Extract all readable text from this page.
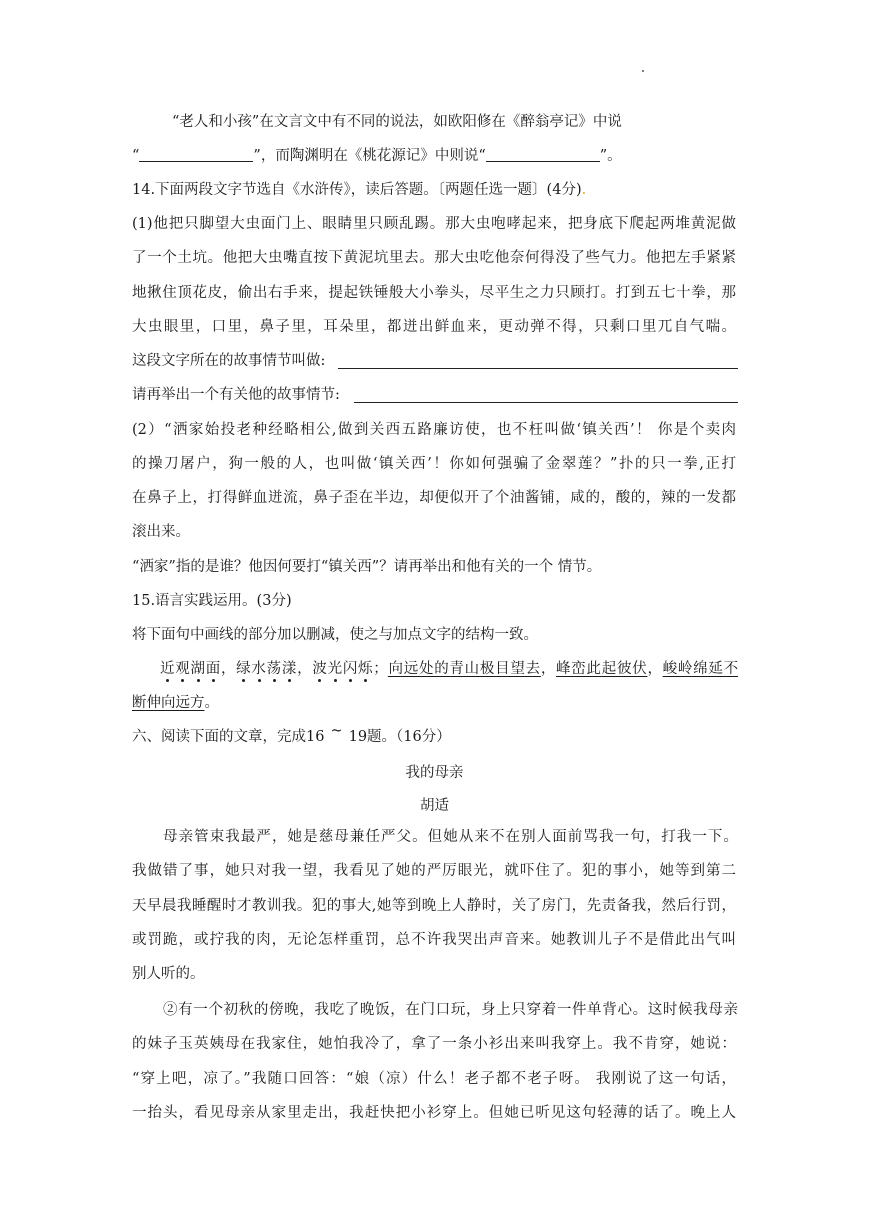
“老人和小孩”在文言文中有不同的说法，如欧阳修在《醉翁亭记》中说
“	”，而陶渊明在《桃花源记》中则说“	”。
14.下面两段文字节选自《水浒传》，读后答题。〔两题任选一题〕(4分).
(1)他把只脚望大虫面门上、眼睛里只顾乱踢。那大虫咆哮起来，把身底下爬起两堆黄泥做
了一个土坑。他把大虫嘴直按下黄泥坑里去。那大虫吃他奈何得没了些气力。他把左手紧紧
地揪住顶花皮，偷出右手来，提起铁锤般大小拳头，尽平生之力只顾打。打到五七十拳，那
大虫眼里，口里，鼻子里，耳朵里，都迸出鲜血来，更动弹不得，只剩口里兀自气喘。
这段文字所在的故事情节叫做:
请再举出一个有关他的故事情节:
(2）“洒家始投老种经略相公,做到关西五路廉访使，也不枉叫做‘镇关西’！ 你是个卖肉
的操刀屠户，狗一般的人，也叫做‘镇关西’！你如何强骗了金翠莲？”扑的只一拳,正打
在鼻子上，打得鲜血迸流，鼻子歪在半边，却便似开了个油酱铺，咸的，酸的，辣的一发都
滚出来。
“洒家”指的是谁？他因何要打“镇关西”？请再举出和他有关的一个 情节。
15.语言实践运用。(3分)
将下面句中画线的部分加以删减，使之与加点文字的结构一致。
近观湖面，绿水荡漾，波光闪烁；向远处的青山极目望去，峰峦此起彼伏，峻岭绵延不
断伸向远方。
六、阅读下面的文章，完成16 ~ 19题。（16分）
我的母亲
胡适
母亲管束我最严，她是慈母兼任严父。但她从来不在别人面前骂我一句，打我一下。
我做错了事，她只对我一望，我看见了她的严厉眼光，就吓住了。犯的事小，她等到第二
天早晨我睡醒时才教训我。犯的事大,她等到晚上人静时，关了房门，先责备我，然后行罚，
或罚跪，或拧我的肉，无论怎样重罚，总不许我哭出声音来。她教训儿子不是借此出气叫
别人听的。
②有一个初秋的傍晚，我吃了晚饭，在门口玩，身上只穿着一件单背心。这时候我母亲
的妹子玉英姨母在我家住，她怕我冷了，拿了一条小衫出来叫我穿上。我不肯穿，她说：
“穿上吧，凉了。”我随口回答：“娘（凉）什么！老子都不老子呀。 我刚说了这一句话，
一抬头，看见母亲从家里走出，我赶快把小衫穿上。但她已听见这句轻薄的话了。晚上人
